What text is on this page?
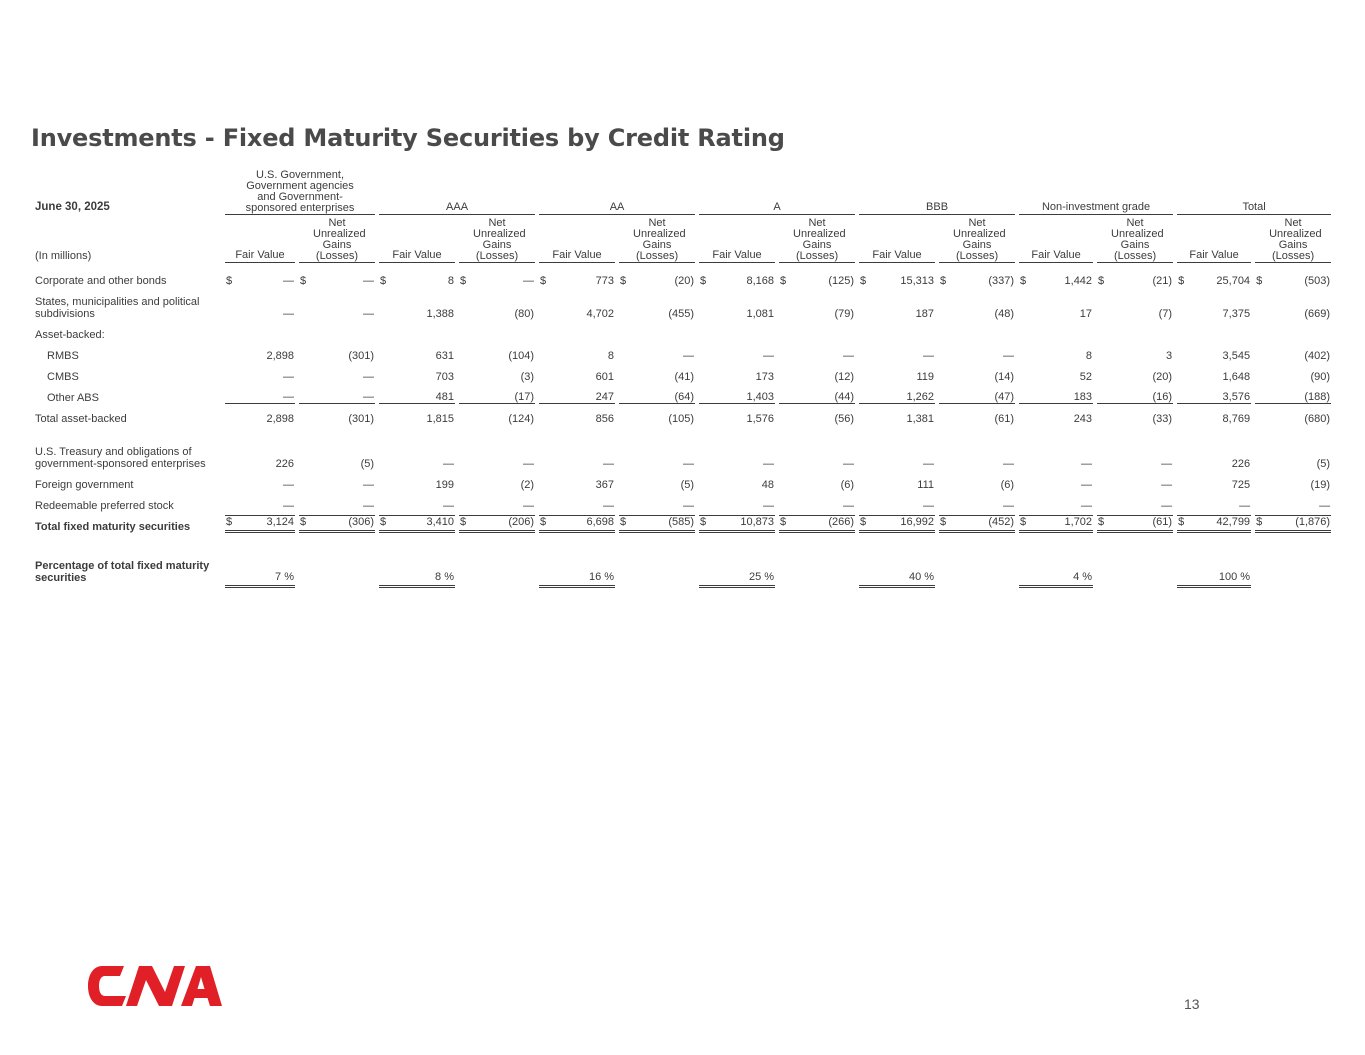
Investments - Fixed Maturity Securities by Credit Rating
June 30, 2025	U.S. Government, Government agencies and Government-sponsored enterprises		AAA		AA		A		BBB		Non-investment grade		Total	

(In millions)	Fair Value	Net Unrealized Gains (Losses)	Fair Value	Net Unrealized Gains (Losses)	Fair Value	Net Unrealized Gains (Losses)	Fair Value	Net Unrealized Gains (Losses)	Fair Value	Net Unrealized Gains (Losses)	Fair Value	Net Unrealized Gains (Losses)	Fair Value	Net Unrealized Gains (Losses)

Corporate and other bonds	$ —	$ —	$ 8	$ —	$ 773	$ (20)	$ 8,168	$ (125)	$ 15,313	$ (337)	$ 1,442	$ (21)	$ 25,704	$ (503)

States, municipalities and political subdivisions	—	—	1,388	(80)	4,702	(455)	1,081	(79)	187	(48)	17	(7)	7,375	(669)

Asset-backed:														
RMBS	2,898	(301)	631	(104)	8	—	—	—	—	—	8	3	3,545	(402)

CMBS	—	—	703	(3)	601	(41)	173	(12)	119	(14)	52	(20)	1,648	(90)

Other ABS	—	—	481	(17)	247	(64)	1,403	(44)	1,262	(47)	183	(16)	3,576	(188)

Total asset-backed	2,898	(301)	1,815	(124)	856	(105)	1,576	(56)	1,381	(61)	243	(33)	8,769	(680)

U.S. Treasury and obligations of government-sponsored enterprises	226	(5)	—	—	—	—	—	—	—	—	—	—	226	(5)

Foreign government	—	—	199	(2)	367	(5)	48	(6)	111	(6)	—	—	725	(19)

Redeemable preferred stock	—	—	—	—	—	—	—	—	—	—	—	—	—	—

Total fixed maturity securities	$ 3,124	$ (306)	$ 3,410	$ (206)	$ 6,698	$ (585)	$ 10,873	$ (266)	$ 16,992	$ (452)	$ 1,702	$ (61)	$ 42,799	$ (1,876)

Percentage of total fixed maturity securities	7 %		8 %		16 %		25 %		40 %		4 %		100 %	

13
